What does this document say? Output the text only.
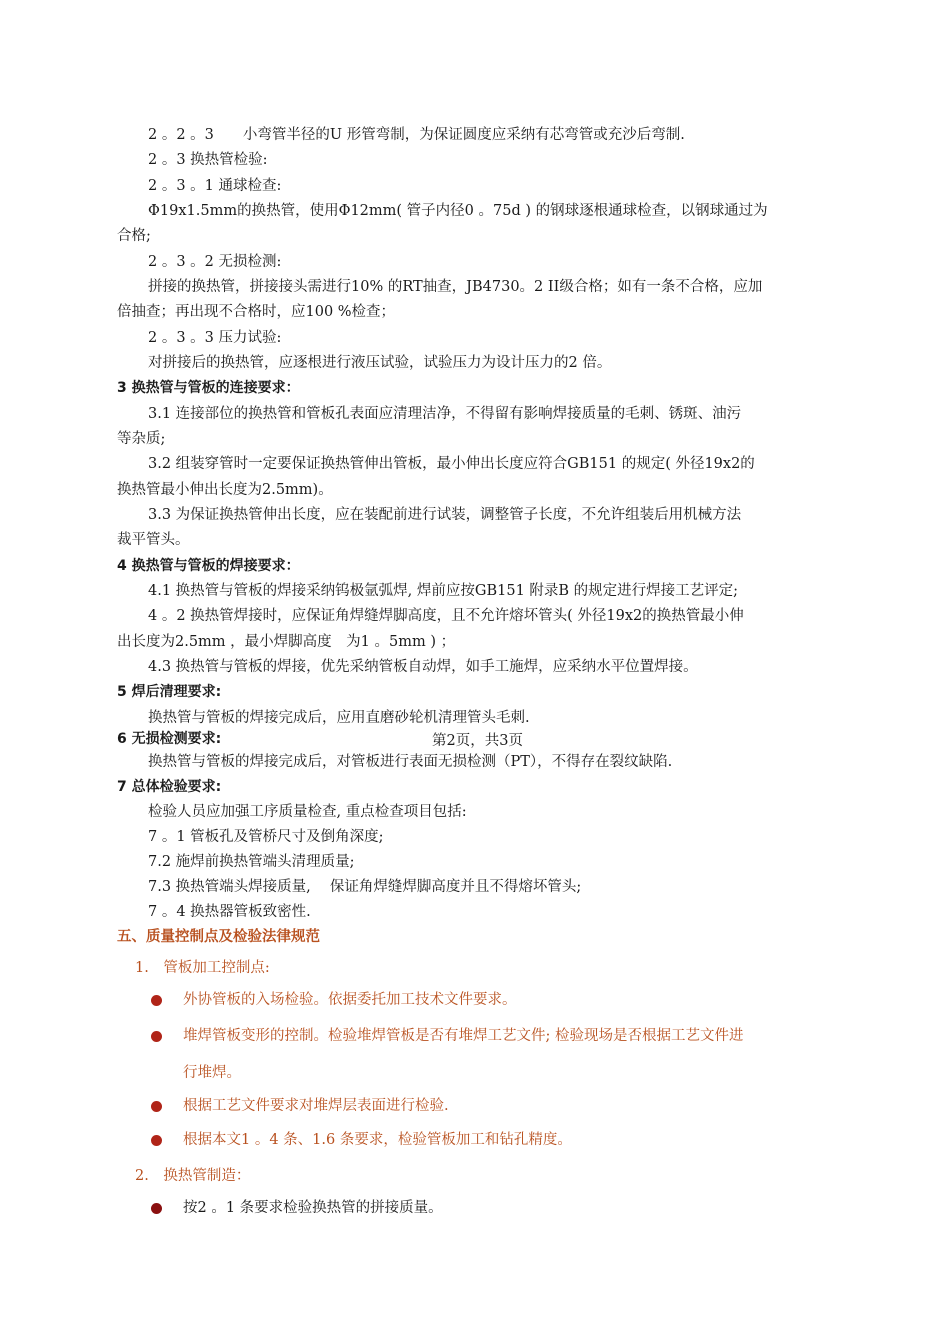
2 。2 。3　　小弯管半径的U 形管弯制，为保证圆度应采纳有芯弯管或充沙后弯制.
2 。3 换热管检验:
2 。3 。1 通球检查:
Φ19x1.5mm的换热管，使用Φ12mm( 管子内径0 。75d ) 的钢球逐根通球检查，以钢球通过为
合格;
2 。3 。2 无损检测:
拼接的换热管，拼接接头需进行10% 的RT抽查，JB4730。2 II级合格；如有一条不合格，应加
倍抽查；再出现不合格时，应100 %检查；
2 。3 。3 压力试验:
对拼接后的换热管，应逐根进行液压试验，试验压力为设计压力的2 倍。
3 换热管与管板的连接要求：
3.1 连接部位的换热管和管板孔表面应清理洁净，不得留有影响焊接质量的毛刺、锈斑、油污
等杂质;
3.2 组装穿管时一定要保证换热管伸出管板，最小伸出长度应符合GB151 的规定( 外径19x2的
换热管最小伸出长度为2.5mm)。
3.3 为保证换热管伸出长度，应在装配前进行试装，调整管子长度，不允许组装后用机械方法
裁平管头。
4 换热管与管板的焊接要求：
4.1 换热管与管板的焊接采纳钨极氩弧焊, 焊前应按GB151 附录B 的规定进行焊接工艺评定;
4 。2 换热管焊接时，应保证角焊缝焊脚高度，且不允许熔坏管头( 外径19x2的换热管最小伸
出长度为2.5mm ，最小焊脚高度　为1 。5mm ) ；
4.3 换热管与管板的焊接，优先采纳管板自动焊，如手工施焊，应采纳水平位置焊接。
5 焊后清理要求:
换热管与管板的焊接完成后，应用直磨砂轮机清理管头毛刺.
6 无损检测要求:	第2页，共3页
换热管与管板的焊接完成后，对管板进行表面无损检测（PT），不得存在裂纹缺陷.
7 总体检验要求:
检验人员应加强工序质量检查, 重点检查项目包括:
7 。1 管板孔及管桥尺寸及倒角深度;
7.2 施焊前换热管端头清理质量;
7.3 换热管端头焊接质量,　 保证角焊缝焊脚高度并且不得熔坏管头;
7 。4 换热器管板致密性.
五、质量控制点及检验法律规范
1.　管板加工控制点:
外协管板的入场检验。依据委托加工技术文件要求。
堆焊管板变形的控制。检验堆焊管板是否有堆焊工艺文件; 检验现场是否根据工艺文件进
行堆焊。
根据工艺文件要求对堆焊层表面进行检验.
根据本文1 。4 条、1.6 条要求，检验管板加工和钻孔精度。
2.　换热管制造：
按2 。1 条要求检验换热管的拼接质量。
